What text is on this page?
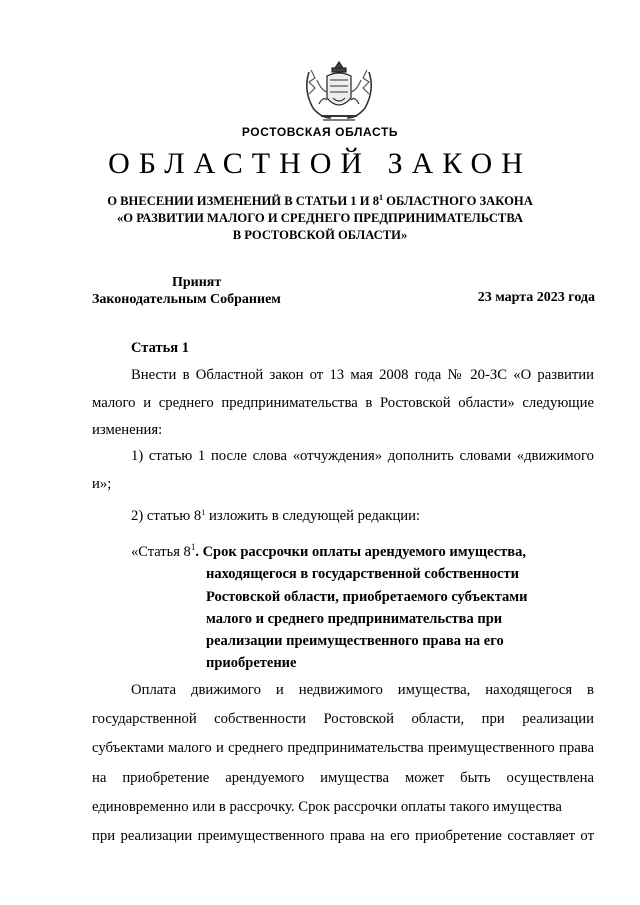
РОСТОВСКАЯ ОБЛАСТЬ
ОБЛАСТНОЙ ЗАКОН
О ВНЕСЕНИИ ИЗМЕНЕНИЙ В СТАТЬИ 1 И $8^1$ ОБЛАСТНОГО ЗАКОНА
«О РАЗВИТИИ МАЛОГО И СРЕДНЕГО ПРЕДПРИНИМАТЕЛЬСТВА
В РОСТОВСКОЙ ОБЛАСТИ»
Принят
Законодательным Собранием	23 марта 2023 года
Статья 1
Внести в Областной закон от 13 мая 2008 года № 20-ЗС «О развитии малого и среднего предпринимательства в Ростовской области» следующие изменения:
1) статью 1 после слова «отчуждения» дополнить словами «движимого и»;
2) статью $8^1$ изложить в следующей редакции:
«Статья $8^1$. Срок рассрочки оплаты арендуемого имущества,
находящегося в государственной собственности
Ростовской области, приобретаемого субъектами
малого и среднего предпринимательства при
реализации преимущественного права на его
приобретение
Оплата движимого и недвижимого имущества, находящегося в государственной собственности Ростовской области, при реализации субъектами малого и среднего предпринимательства преимущественного права на приобретение арендуемого имущества может быть осуществлена единовременно или в рассрочку. Срок рассрочки оплаты такого имущества
при реализации преимущественного права на его приобретение составляет от
